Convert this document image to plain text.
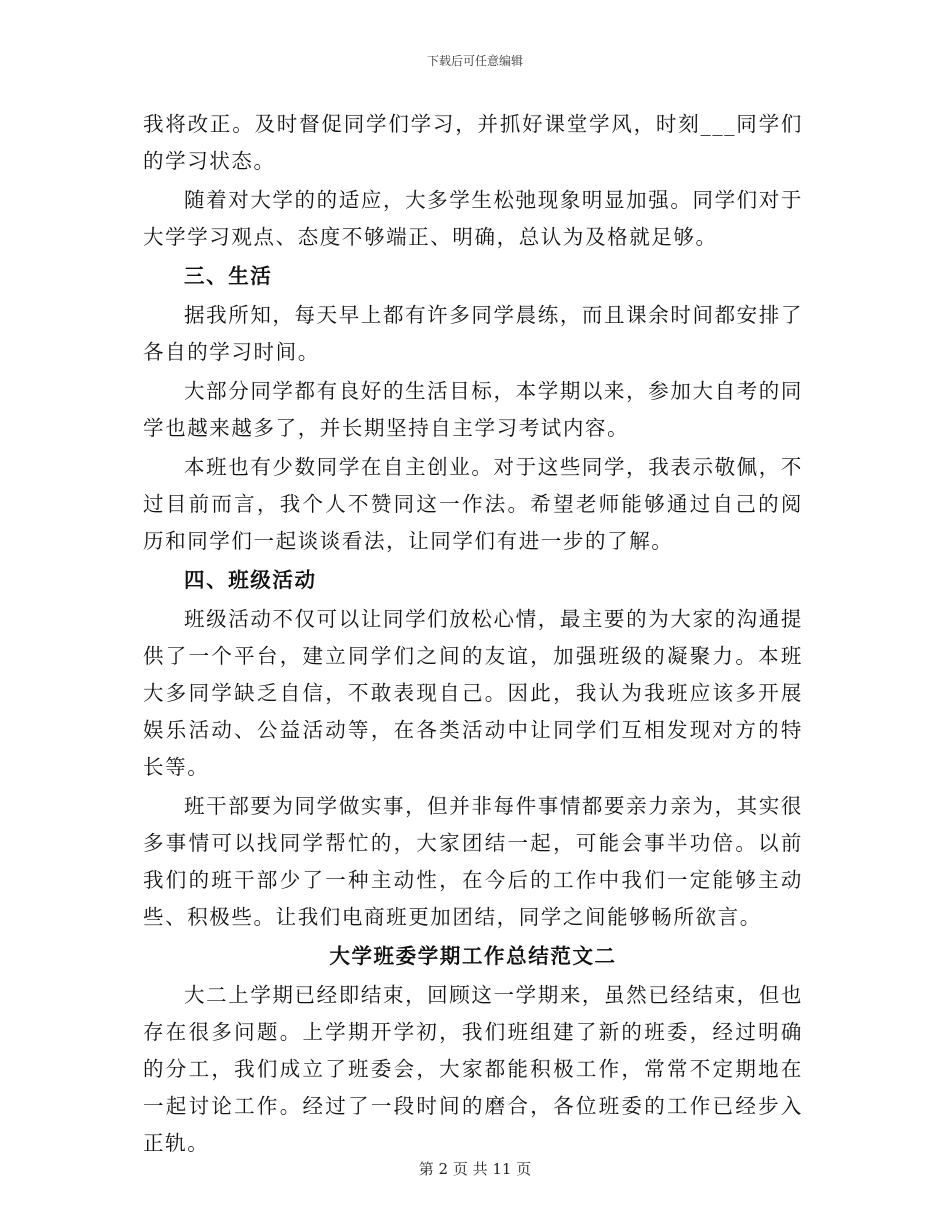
下载后可任意编辑

我将改正。及时督促同学们学习，并抓好课堂学风，时刻___同学们的学习状态。

随着对大学的的适应，大多学生松弛现象明显加强。同学们对于大学学习观点、态度不够端正、明确，总认为及格就足够。

三、生活

据我所知，每天早上都有许多同学晨练，而且课余时间都安排了各自的学习时间。

大部分同学都有良好的生活目标，本学期以来，参加大自考的同学也越来越多了，并长期坚持自主学习考试内容。

本班也有少数同学在自主创业。对于这些同学，我表示敬佩，不过目前而言，我个人不赞同这一作法。希望老师能够通过自己的阅历和同学们一起谈谈看法，让同学们有进一步的了解。

四、班级活动

班级活动不仅可以让同学们放松心情，最主要的为大家的沟通提供了一个平台，建立同学们之间的友谊，加强班级的凝聚力。本班大多同学缺乏自信，不敢表现自己。因此，我认为我班应该多开展娱乐活动、公益活动等，在各类活动中让同学们互相发现对方的特长等。

班干部要为同学做实事，但并非每件事情都要亲力亲为，其实很多事情可以找同学帮忙的，大家团结一起，可能会事半功倍。以前我们的班干部少了一种主动性，在今后的工作中我们一定能够主动些、积极些。让我们电商班更加团结，同学之间能够畅所欲言。

大学班委学期工作总结范文二

大二上学期已经即结束，回顾这一学期来，虽然已经结束，但也存在很多问题。上学期开学初，我们班组建了新的班委，经过明确的分工，我们成立了班委会，大家都能积极工作，常常不定期地在一起讨论工作。经过了一段时间的磨合，各位班委的工作已经步入正轨。

第 2 页 共 11 页
